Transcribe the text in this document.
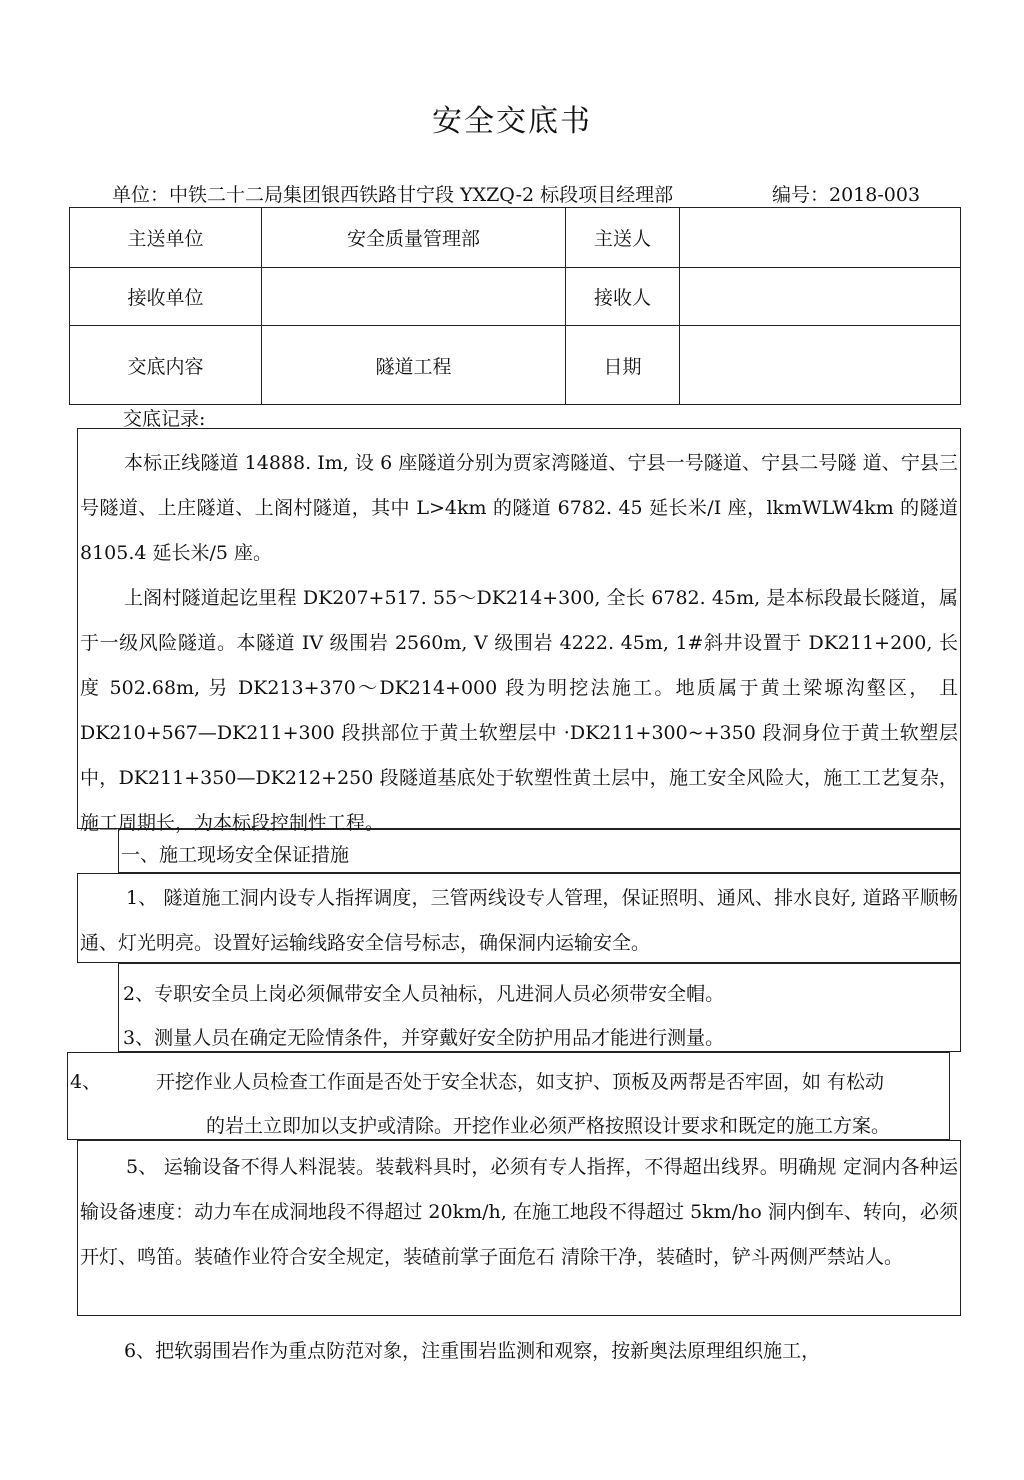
安全交底书
单位：中铁二十二局集团银西铁路甘宁段 YXZQ-2 标段项目经理部	编号：2018-003
主送单位	安全质量管理部	主送人	
接收单位		接收人	
交底内容	隧道工程	日期	
交底记录:
本标正线隧道 14888. Im, 设 6 座隧道分别为贾家湾隧道、宁县一号隧道、宁县二号隧 道、宁县三号隧道、上庄隧道、上阁村隧道，其中 L>4km 的隧道 6782. 45 延长米/I 座，lkmWLW4km 的隧道 8105.4 延长米/5 座。
上阁村隧道起讫里程 DK207+517. 55～DK214+300, 全长 6782. 45m, 是本标段最长隧道，属于一级风险隧道。本隧道 IV 级围岩 2560m, V 级围岩 4222. 45m, 1#斜井设置于 DK211+200, 长度 502.68m, 另 DK213+370～DK214+000 段为明挖法施工。地质属于黄土梁塬沟壑区， 且 DK210+567—DK211+300 段拱部位于黄土软塑层中 ·DK211+300~+350 段洞身位于黄土软塑层中，DK211+350—DK212+250 段隧道基底处于软塑性黄土层中，施工安全风险大，施工工艺复杂，施工周期长，为本标段控制性工程。
一、施工现场安全保证措施
1、 隧道施工洞内设专人指挥调度，三管两线设专人管理，保证照明、通风、排水良好, 道路平顺畅通、灯光明亮。设置好运输线路安全信号标志，确保洞内运输安全。
2、专职安全员上岗必须佩带安全人员袖标，凡进洞人员必须带安全帽。
3、测量人员在确定无险情条件，并穿戴好安全防护用品才能进行测量。
4、	开挖作业人员检查工作面是否处于安全状态，如支护、顶板及两帮是否牢固，如 有松动
的岩土立即加以支护或清除。开挖作业必须严格按照设计要求和既定的施工方案。
5、 运输设备不得人料混装。装载料具时，必须有专人指挥，不得超出线界。明确规 定洞内各种运输设备速度：动力车在成洞地段不得超过 20km/h, 在施工地段不得超过 5km/ho 洞内倒车、转向，必须开灯、鸣笛。装碴作业符合安全规定，装碴前掌子面危石 清除干净，装碴时，铲斗两侧严禁站人。
6、把软弱围岩作为重点防范对象，注重围岩监测和观察，按新奥法原理组织施工，
